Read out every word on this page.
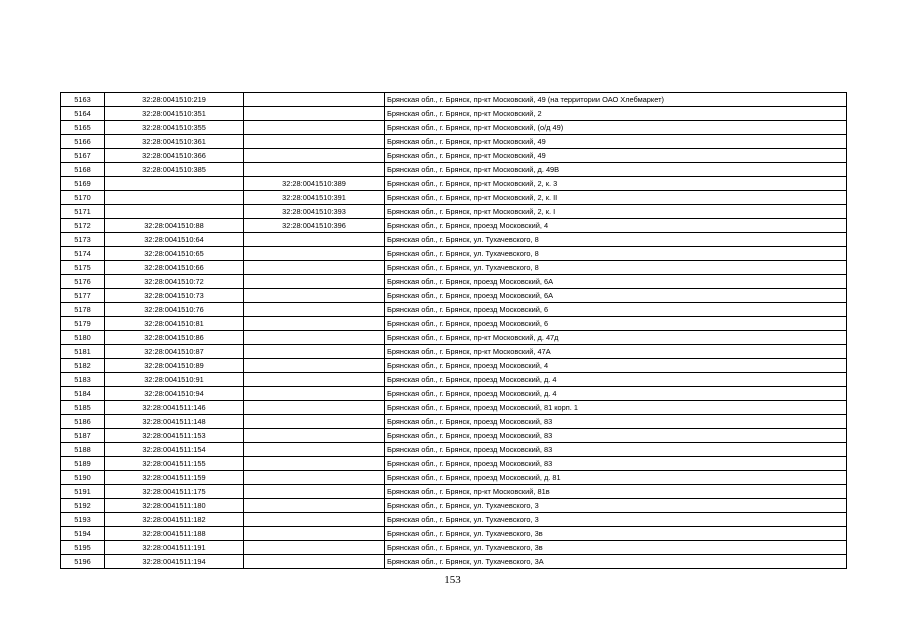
5163	32:28:0041510:219		Брянская обл., г. Брянск, пр-кт Московский, 49 (на территории ОАО Хлебмаркет)
5164	32:28:0041510:351		Брянская обл., г. Брянск, пр-кт Московский, 2
5165	32:28:0041510:355		Брянская обл., г. Брянск, пр-кт Московский, (о/д 49)
5166	32:28:0041510:361		Брянская обл., г. Брянск, пр-кт Московский, 49
5167	32:28:0041510:366		Брянская обл., г. Брянск, пр-кт Московский, 49
5168	32:28:0041510:385		Брянская обл., г. Брянск, пр-кт Московский, д. 49В
5169		32:28:0041510:389	Брянская обл., г. Брянск, пр-кт Московский, 2, к. 3
5170		32:28:0041510:391	Брянская обл., г. Брянск, пр-кт Московский, 2, к. II
5171		32:28:0041510:393	Брянская обл., г. Брянск, пр-кт Московский, 2, к. I
5172	32:28:0041510:88	32:28:0041510:396	Брянская обл., г. Брянск, проезд Московский, 4
5173	32:28:0041510:64		Брянская обл., г. Брянск, ул. Тухачевского, 8
5174	32:28:0041510:65		Брянская обл., г. Брянск, ул. Тухачевского, 8
5175	32:28:0041510:66		Брянская обл., г. Брянск, ул. Тухачевского, 8
5176	32:28:0041510:72		Брянская обл., г. Брянск, проезд Московский, 6А
5177	32:28:0041510:73		Брянская обл., г. Брянск, проезд Московский, 6А
5178	32:28:0041510:76		Брянская обл., г. Брянск, проезд Московский, 6
5179	32:28:0041510:81		Брянская обл., г. Брянск, проезд Московский, 6
5180	32:28:0041510:86		Брянская обл., г. Брянск, пр-кт Московский, д. 47д
5181	32:28:0041510:87		Брянская обл., г. Брянск, пр-кт Московский, 47А
5182	32:28:0041510:89		Брянская обл., г. Брянск, проезд Московский, 4
5183	32:28:0041510:91		Брянская обл., г. Брянск, проезд Московский, д. 4
5184	32:28:0041510:94		Брянская обл., г. Брянск, проезд Московский, д. 4
5185	32:28:0041511:146		Брянская обл., г. Брянск, проезд Московский, 81 корп. 1
5186	32:28:0041511:148		Брянская обл., г. Брянск, проезд Московский, 83
5187	32:28:0041511:153		Брянская обл., г. Брянск, проезд Московский, 83
5188	32:28:0041511:154		Брянская обл., г. Брянск, проезд Московский, 83
5189	32:28:0041511:155		Брянская обл., г. Брянск, проезд Московский, 83
5190	32:28:0041511:159		Брянская обл., г. Брянск, проезд Московский, д. 81
5191	32:28:0041511:175		Брянская обл., г. Брянск, пр-кт Московский, 81в
5192	32:28:0041511:180		Брянская обл., г. Брянск, ул. Тухачевского, 3
5193	32:28:0041511:182		Брянская обл., г. Брянск, ул. Тухачевского, 3
5194	32:28:0041511:188		Брянская обл., г. Брянск, ул. Тухачевского, 3в
5195	32:28:0041511:191		Брянская обл., г. Брянск, ул. Тухачевского, 3в
5196	32:28:0041511:194		Брянская обл., г. Брянск, ул. Тухачевского, 3А
153
